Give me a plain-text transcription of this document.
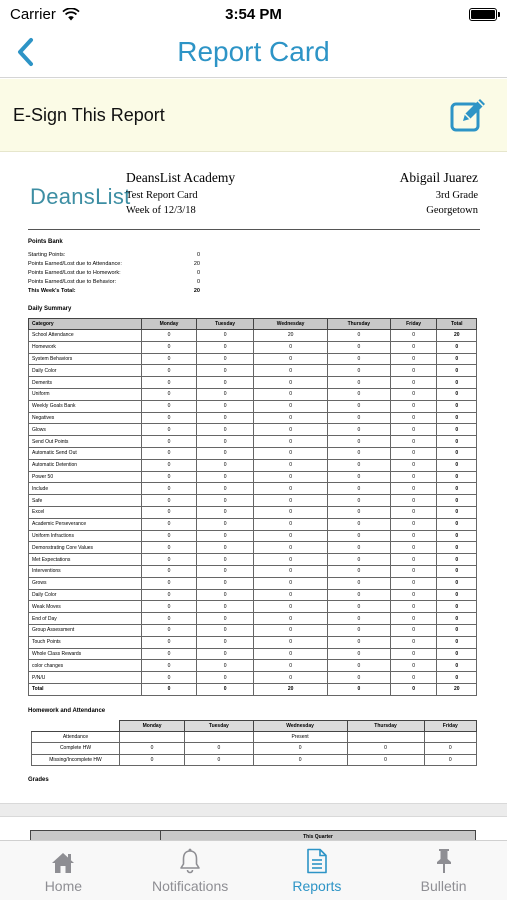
Carrier	3:54 PM
Report Card
E-Sign This Report
DeansList
DeansList Academy
Test Report Card
Week of 12/3/18
Abigail Juarez
3rd Grade
Georgetown
Points Bank
Starting Points:	0
Points Earned/Lost due to Attendance:	20
Points Earned/Lost due to Homework:	0
Points Earned/Lost due to Behavior:	0
This Week's Total:	20
Daily Summary
Category	Monday	Tuesday	Wednesday	Thursday	Friday	Total
School Attendance	0	0	20	0	0	20
Homework	0	0	0	0	0	0
System Behaviors	0	0	0	0	0	0
Daily Color	0	0	0	0	0	0
Demerits	0	0	0	0	0	0
Uniform	0	0	0	0	0	0
Weekly Goals Bank	0	0	0	0	0	0
Negatives	0	0	0	0	0	0
Glows	0	0	0	0	0	0
Send Out Points	0	0	0	0	0	0
Automatic Send Out	0	0	0	0	0	0
Automatic Detention	0	0	0	0	0	0
Power 50	0	0	0	0	0	0
Include	0	0	0	0	0	0
Safe	0	0	0	0	0	0
Excel	0	0	0	0	0	0
Academic Perseverance	0	0	0	0	0	0
Uniform Infractions	0	0	0	0	0	0
Demonstrating Core Values	0	0	0	0	0	0
Met Expectations	0	0	0	0	0	0
Interventions	0	0	0	0	0	0
Grows	0	0	0	0	0	0
Daily Color	0	0	0	0	0	0
Weak Moves	0	0	0	0	0	0
End of Day	0	0	0	0	0	0
Group Assessment	0	0	0	0	0	0
Touch Points	0	0	0	0	0	0
Whole Class Rewards	0	0	0	0	0	0
color changes	0	0	0	0	0	0
P/N/U	0	0	0	0	0	0
Total	0	0	20	0	0	20
Homework and Attendance
	Monday	Tuesday	Wednesday	Thursday	Friday
Attendance			Present		
Complete HW	0	0	0	0	0
Missing/Incomplete HW	0	0	0	0	0
Grades
	This Quarter
Home	Notifications	Reports	Bulletin
